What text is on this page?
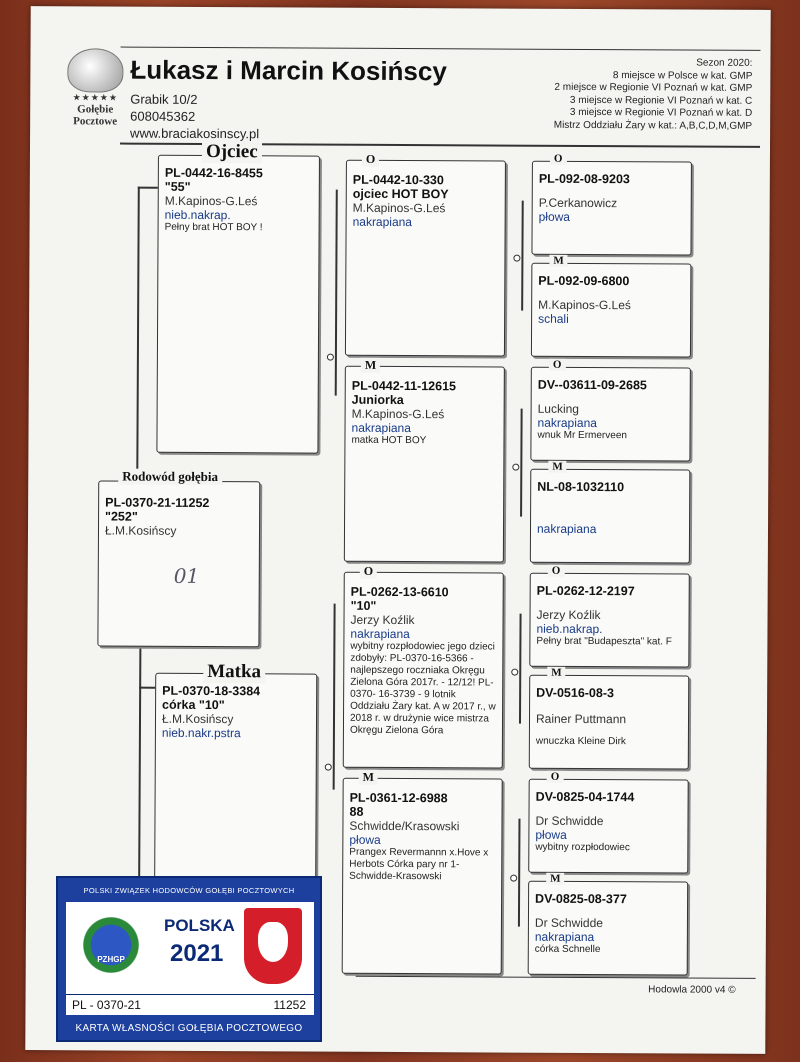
★★★★★
Gołębie Pocztowe
Łukasz i Marcin Kosińscy
Grabik 10/2
608045362
www.braciakosinscy.pl
Sezon 2020:
8 miejsce w Polsce w kat. GMP
2 miejsce w Regionie VI Poznań w kat. GMP
3 miejsce w Regionie VI Poznań w kat. C
3 miejsce w Regionie VI Poznań w kat. D
Mistrz Oddziału Żary w kat.: A,B,C,D,M,GMP
PL-0370-21-11252
"252"
Ł.M.Kosińscy
Rodowód gołębia
01
PL-0442-16-8455
"55"
M.Kapinos-G.Leś
nieb.nakrap.
Pełny brat HOT BOY !
Ojciec
PL-0370-18-3384
córka "10"
Ł.M.Kosińscy
nieb.nakr.pstra
Matka
PL-0442-10-330
ojciec HOT BOY
M.Kapinos-G.Leś
nakrapiana
O
PL-0442-11-12615
Juniorka
M.Kapinos-G.Leś
nakrapiana
matka HOT BOY
M
PL-0262-13-6610
"10"
Jerzy Koźlik
nakrapiana
wybitny rozpłodowiec jego dzieci zdobyły: PL-0370-16-5366 - najlepszego roczniaka Okręgu Zielona Góra 2017r. - 12/12! PL-0370- 16-3739 - 9 lotnik Oddziału Żary kat. A w 2017 r., w 2018 r. w drużynie wice mistrza Okręgu Zielona Góra
O
PL-0361-12-6988
88
Schwidde/Krasowski
płowa
Prangex Revermannn x.Hove x Herbots Córka pary nr 1-Schwidde-Krasowski
M
PL-092-08-9203
P.Cerkanowicz
płowa
O
PL-092-09-6800
M.Kapinos-G.Leś
schali
M
DV--03611-09-2685
Lucking
nakrapiana
wnuk Mr Ermerveen
O
NL-08-1032110
nakrapiana
M
PL-0262-12-2197
Jerzy Koźlik
nieb.nakrap.
Pełny brat "Budapeszta" kat. F
O
DV-0516-08-3
Rainer Puttmann
wnuczka Kleine Dirk
M
DV-0825-04-1744
Dr Schwidde
płowa
wybitny rozpłodowiec
O
DV-0825-08-377
Dr Schwidde
nakrapiana
córka Schnelle
M
Hodowla 2000 v4 ©
POLSKI ZWIĄZEK HODOWCÓW GOŁĘBI POCZTOWYCH
PZHGP
POLSKA
2021
PL - 0370-21	11252
KARTA WŁASNOŚCI GOŁĘBIA POCZTOWEGO
